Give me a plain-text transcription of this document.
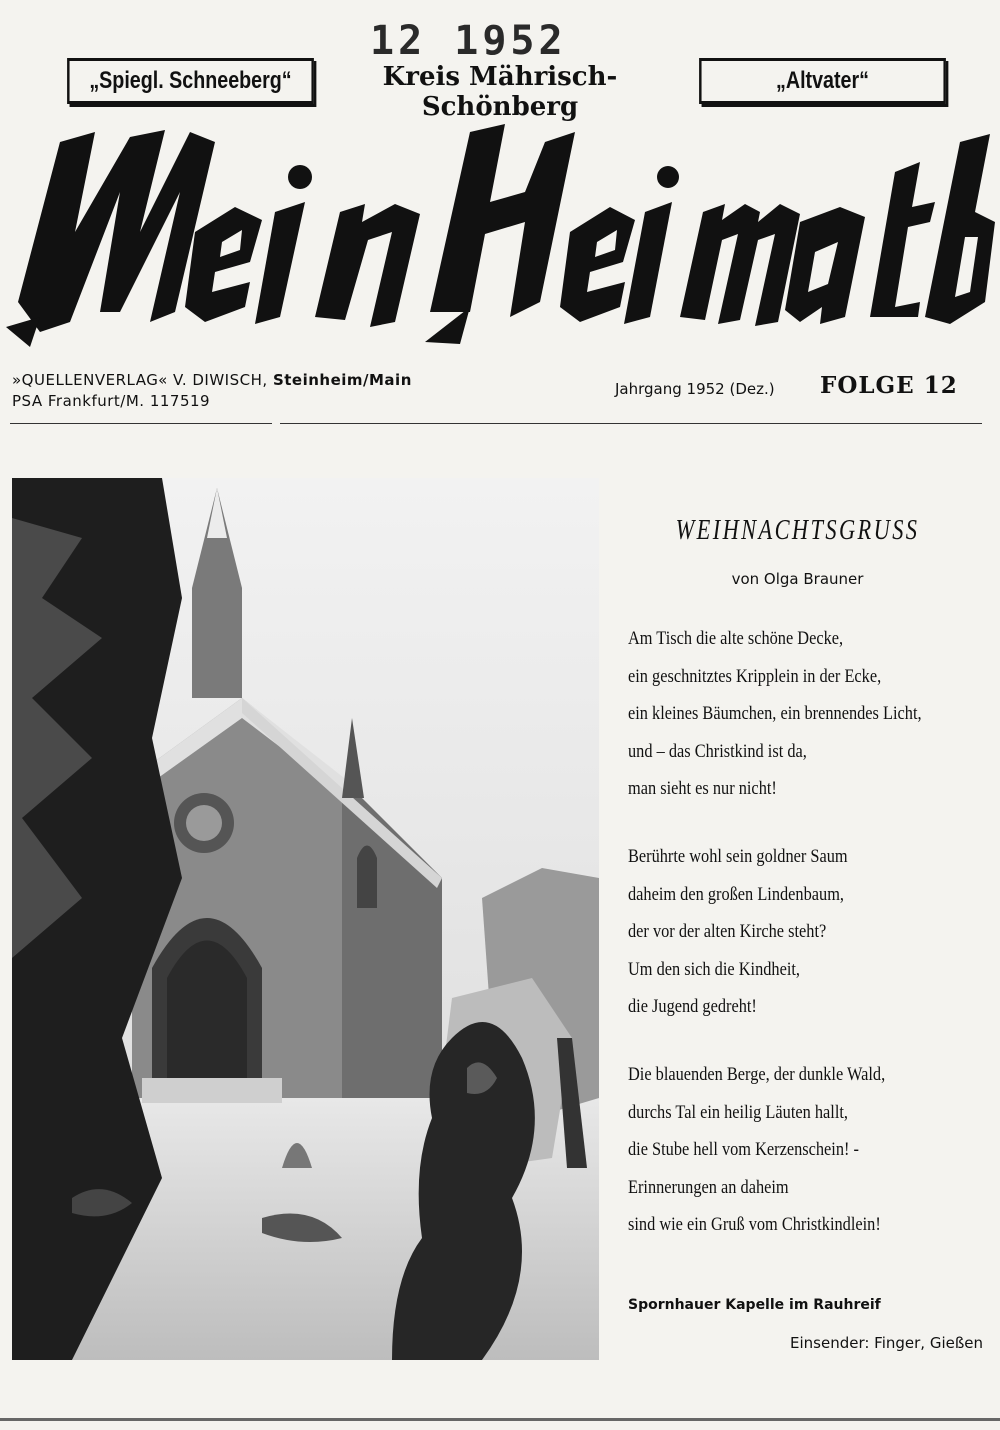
12 1952
„Spiegl. Schneeberg“	Kreis Mährisch-Schönberg
„Altvater“
»QUELLENVERLAG« V. DIWISCH, Steinheim/Main
PSA Frankfurt/M. 117519
Jahrgang 1952 (Dez.) FOLGE 12
WEIHNACHTSGRUSS
von Olga Brauner
Am Tisch die alte schöne Decke,
ein geschnitztes Kripplein in der Ecke,
ein kleines Bäumchen, ein brennendes Licht,
und – das Christkind ist da,
man sieht es nur nicht!
Berührte wohl sein goldner Saum
daheim den großen Lindenbaum,
der vor der alten Kirche steht?
Um den sich die Kindheit,
die Jugend gedreht!
Die blauenden Berge, der dunkle Wald,
durchs Tal ein heilig Läuten hallt,
die Stube hell vom Kerzenschein! -
Erinnerungen an daheim
sind wie ein Gruß vom Christkindlein!
Spornhauer Kapelle im Rauhreif
Einsender: Finger, Gießen
